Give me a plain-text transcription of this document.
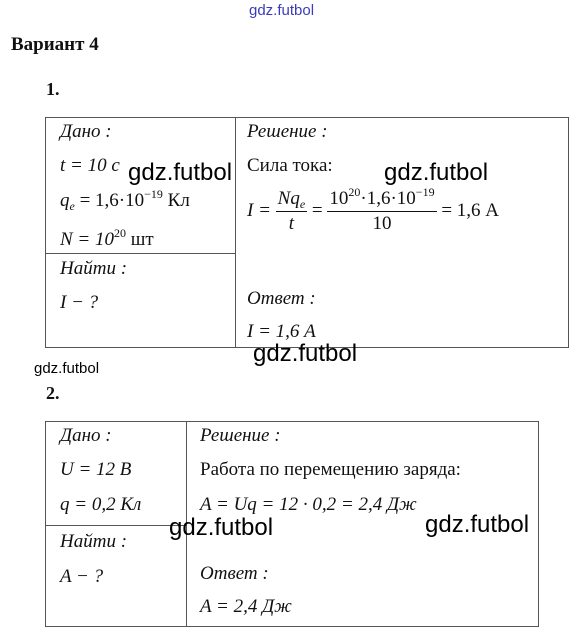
gdz.futbol
Вариант 4
1.
Дано :
t = 10 с
$q_e = 1,6\cdot 10^{-19}$ Кл
$N = 10^{20}$ шт
Найти :
I − ?
Решение :
Сила тока:
$I = \frac{Nq_e}{t} = \frac{10^{20}\cdot 1,6\cdot 10^{-19}}{10} = 1,6$ А
Ответ :
I = 1,6 А
gdz.futbol	gdz.futbol
gdz.futbol
gdz.futbol
2.
Дано :
U = 12 В
q = 0,2 Кл
Найти :
A − ?
Решение :
Работа по перемещению заряда:
A = Uq = 12 · 0,2 = 2,4 Дж
Ответ :
A = 2,4 Дж
gdz.futbol	gdz.futbol
